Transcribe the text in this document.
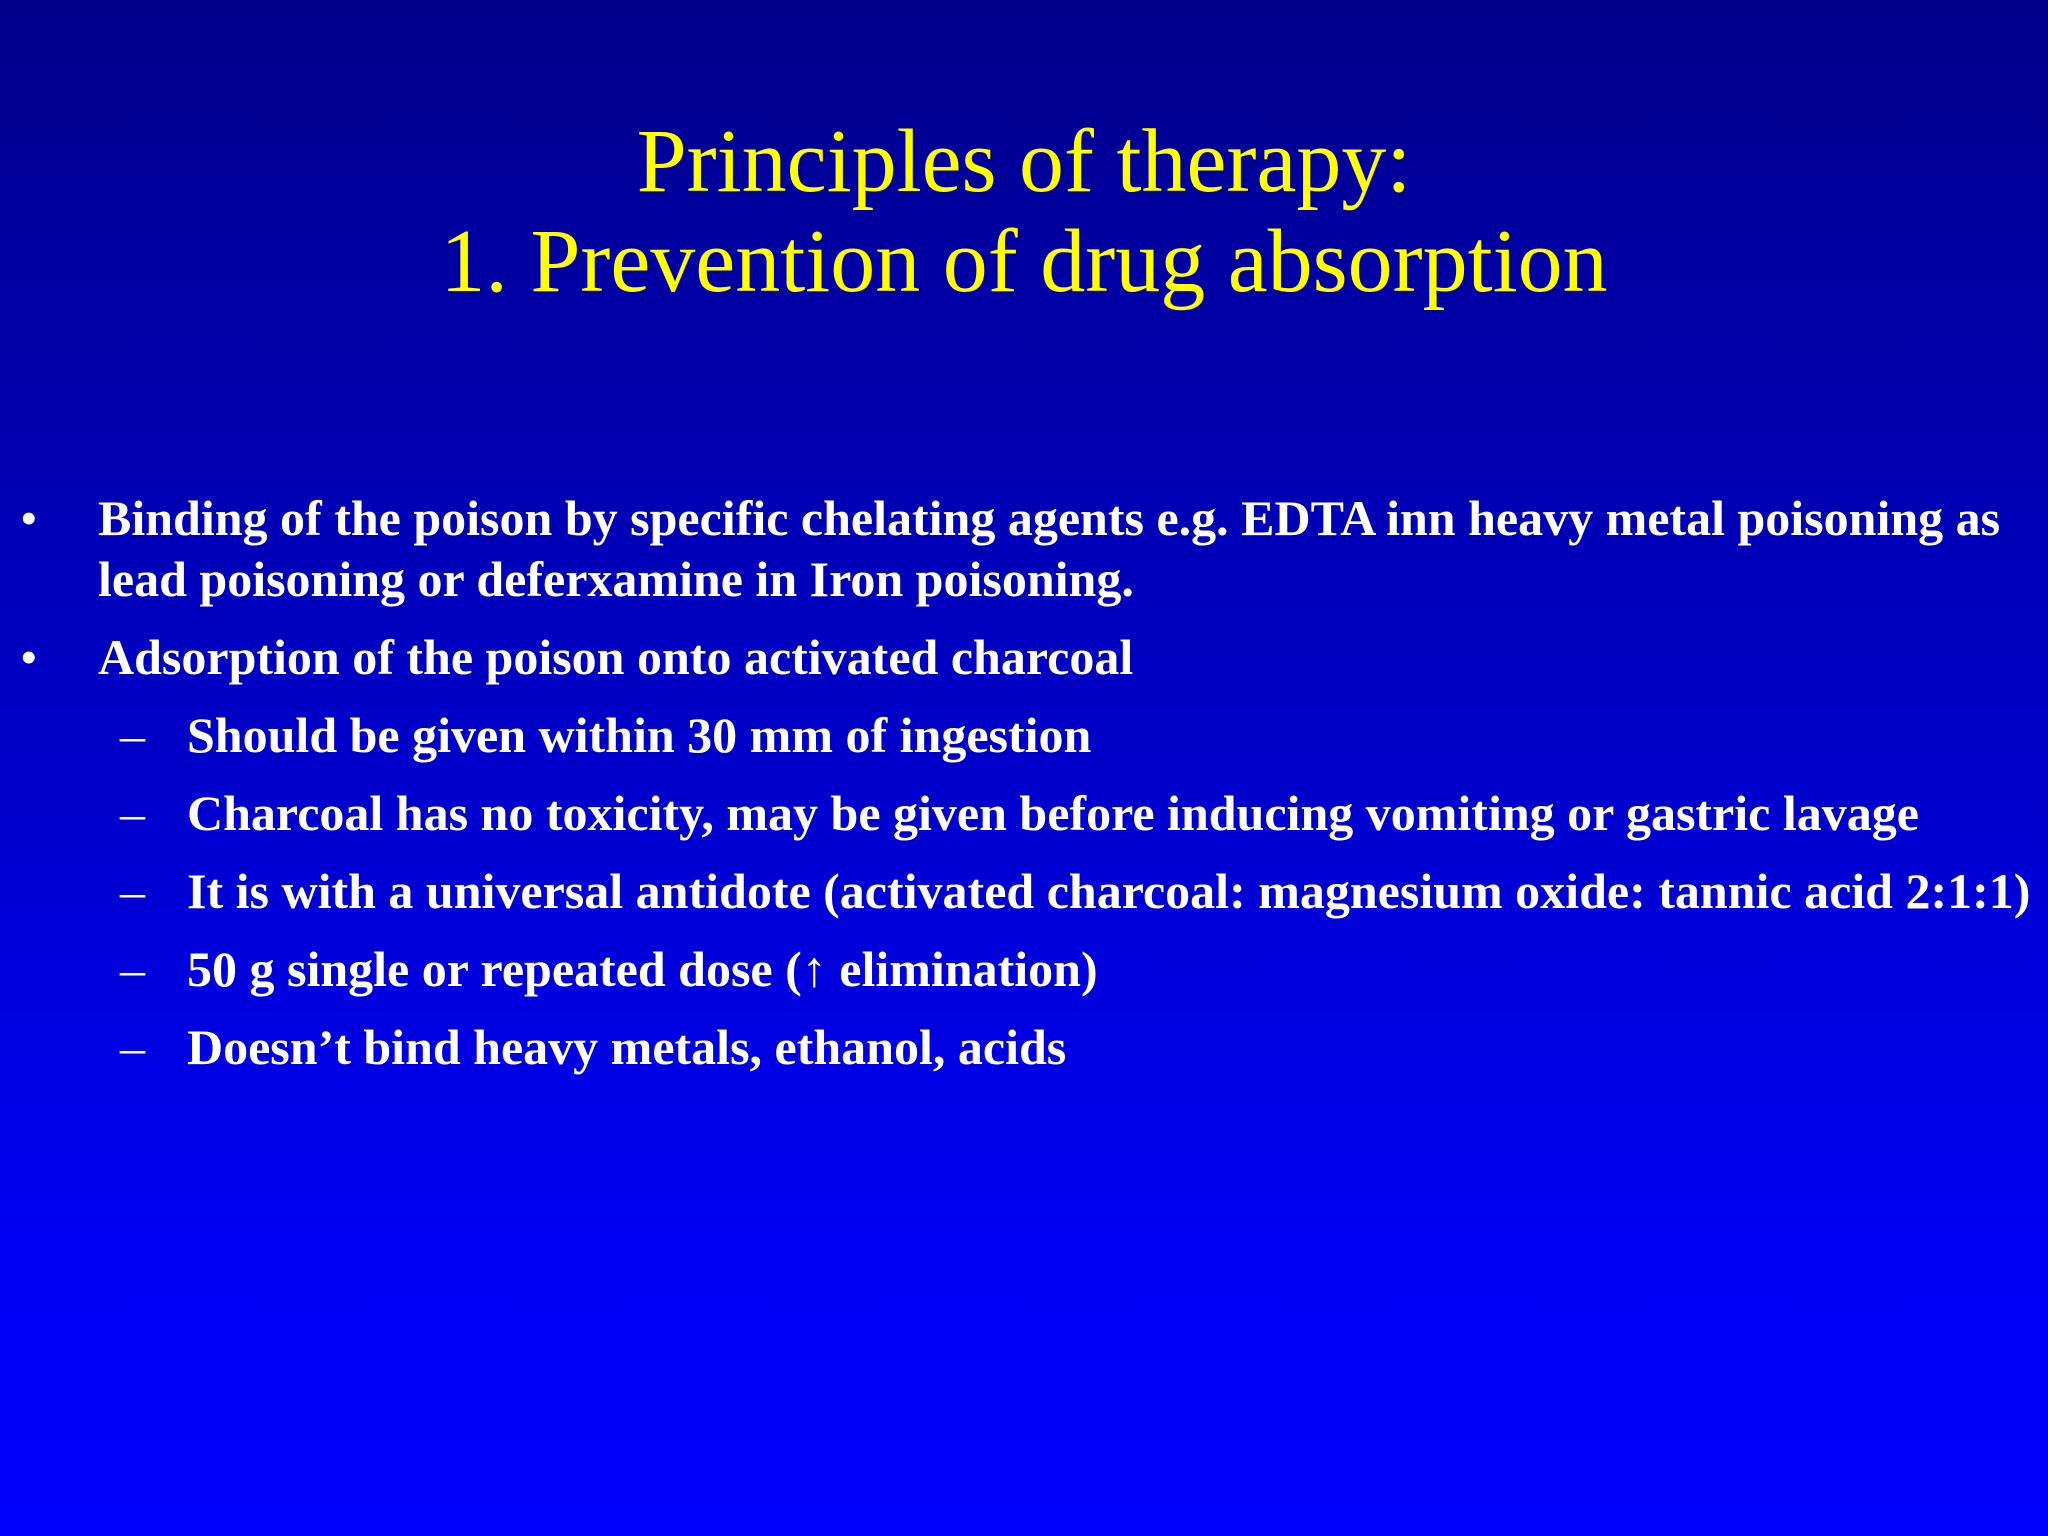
Principles of therapy:
1. Prevention of drug absorption
• Binding of the poison by specific chelating agents e.g. EDTA inn heavy metal poisoning as lead poisoning or deferxamine in Iron poisoning.
• Adsorption of the poison onto activated charcoal
– Should be given within 30 mm of ingestion
– Charcoal has no toxicity, may be given before inducing vomiting or gastric lavage
– It is with a universal antidote (activated charcoal: magnesium oxide: tannic acid 2:1:1)
– 50 g single or repeated dose (↑ elimination)
– Doesn’t bind heavy metals, ethanol, acids
